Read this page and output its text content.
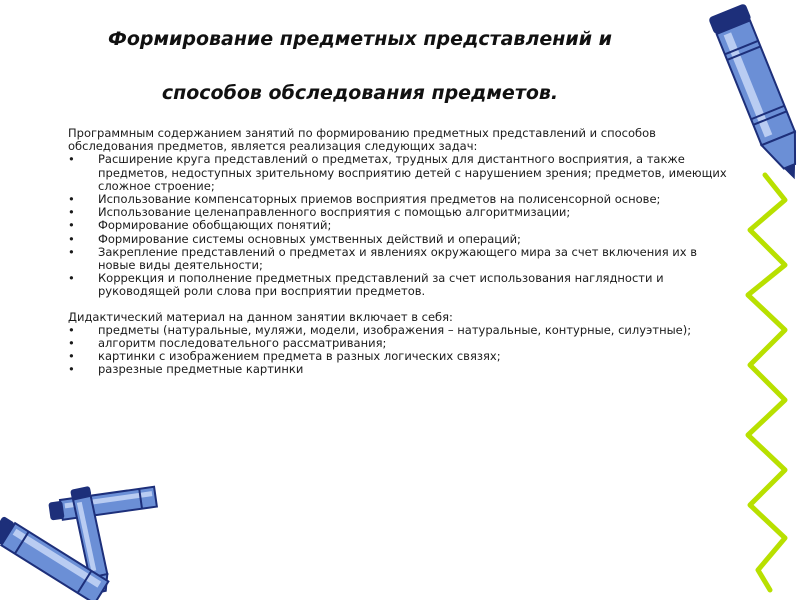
Формирование предметных представлений и
способов обследования предметов.

Программным содержанием занятий по формированию предметных представлений и способов обследования предметов, является реализация следующих задач:

• Расширение круга представлений о предметах, трудных для дистантного восприятия, а также предметов, недоступных зрительному восприятию детей с нарушением зрения; предметов, имеющих сложное строение;
• Использование компенсаторных приемов восприятия предметов на полисенсорной основе;
• Использование целенаправленного восприятия с помощью алгоритмизации;
• Формирование обобщающих понятий;
• Формирование системы основных умственных действий и операций;
• Закрепление представлений о предметах и явлениях окружающего мира за счет включения их в новые виды деятельности;
• Коррекция и пополнение предметных представлений за счет использования наглядности и руководящей роли слова при восприятии предметов.

Дидактический материал на данном занятии включает в себя:

• предметы (натуральные, муляжи, модели, изображения – натуральные, контурные, силуэтные);
• алгоритм последовательного рассматривания;
• картинки с изображением предмета в разных логических связях;
• разрезные предметные картинки
